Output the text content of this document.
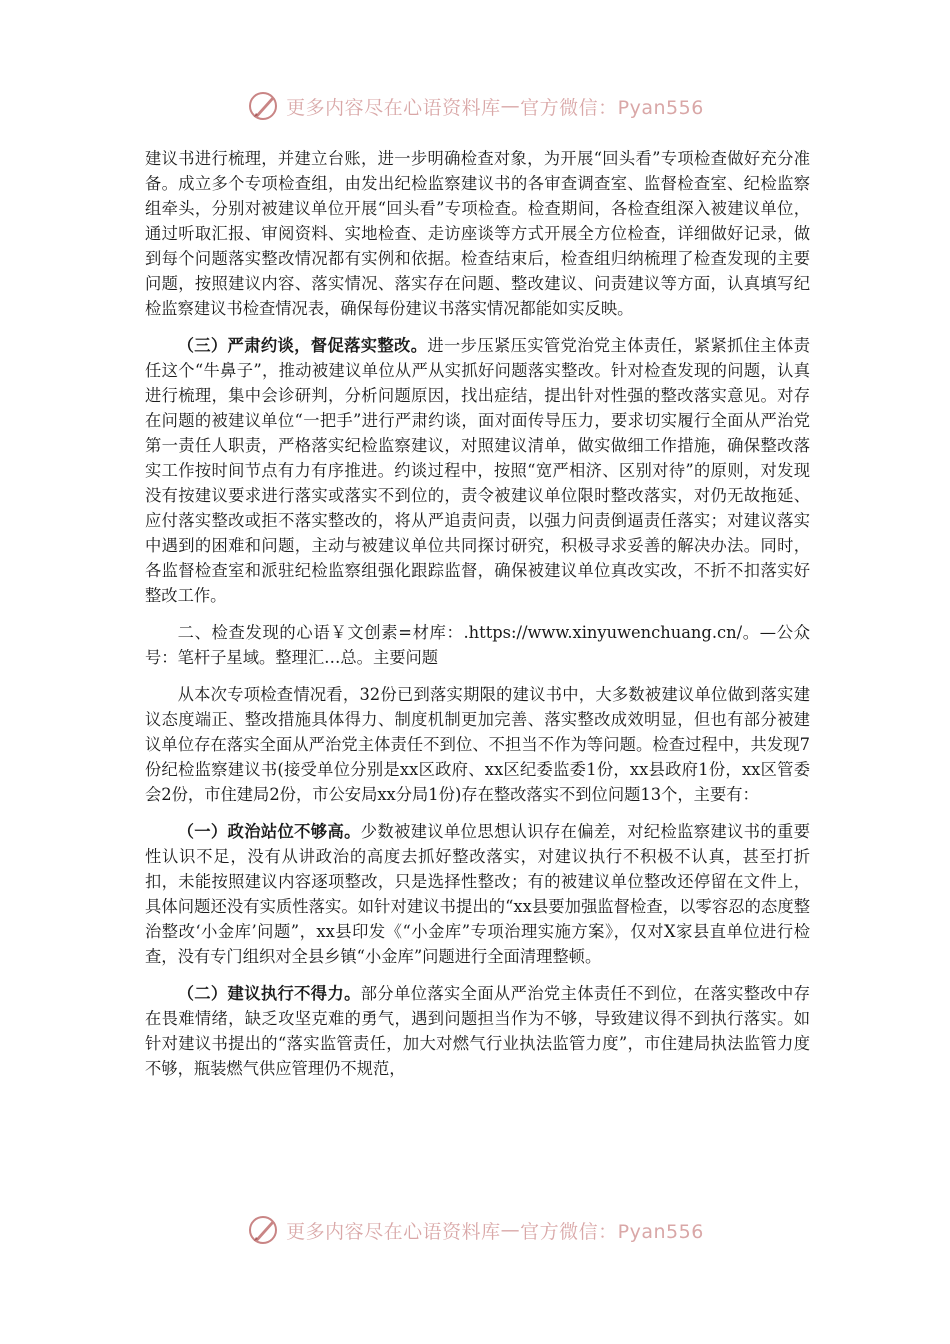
更多内容尽在心语资料库 — 官方微信：Pyan556

建议书进行梳理，并建立台账，进一步明确检查对象，为开展“回头看”专项检查做好充分准备。成立多个专项检查组，由发出纪检监察建议书的各审查调查室、监督检查室、纪检监察组牵头，分别对被建议单位开展“回头看”专项检查。检查期间，各检查组深入被建议单位，通过听取汇报、审阅资料、实地检查、走访座谈等方式开展全方位检查，详细做好记录，做到每个问题落实整改情况都有实例和依据。检查结束后，检查组归纳梳理了检查发现的主要问题，按照建议内容、落实情况、落实存在问题、整改建议、问责建议等方面，认真填写纪检监察建议书检查情况表，确保每份建议书落实情况都能如实反映。

（三）严肃约谈，督促落实整改。进一步压紧压实管党治党主体责任，紧紧抓住主体责任这个“牛鼻子”，推动被建议单位从严从实抓好问题落实整改。针对检查发现的问题，认真进行梳理，集中会诊研判，分析问题原因，找出症结，提出针对性强的整改落实意见。对存在问题的被建议单位“一把手”进行严肃约谈，面对面传导压力，要求切实履行全面从严治党第一责任人职责，严格落实纪检监察建议，对照建议清单，做实做细工作措施，确保整改落实工作按时间节点有力有序推进。约谈过程中，按照“宽严相济、区别对待”的原则，对发现没有按建议要求进行落实或落实不到位的，责令被建议单位限时整改落实，对仍无故拖延、应付落实整改或拒不落实整改的，将从严追责问责，以强力问责倒逼责任落实；对建议落实中遇到的困难和问题，主动与被建议单位共同探讨研究，积极寻求妥善的解决办法。同时，各监督检查室和派驻纪检监察组强化跟踪监督，确保被建议单位真改实改，不折不扣落实好整改工作。

二、检查发现的心语￥文创素=材库：.https://www.xinyuwenchuang.cn/。—公众号：笔杆子星域。整理汇…总。主要问题

从本次专项检查情况看，32份已到落实期限的建议书中，大多数被建议单位做到落实建议态度端正、整改措施具体得力、制度机制更加完善、落实整改成效明显，但也有部分被建议单位存在落实全面从严治党主体责任不到位、不担当不作为等问题。检查过程中，共发现7份纪检监察建议书(接受单位分别是xx区政府、xx区纪委监委1份，xx县政府1份，xx区管委会2份，市住建局2份，市公安局xx分局1份)存在整改落实不到位问题13个，主要有：

（一）政治站位不够高。少数被建议单位思想认识存在偏差，对纪检监察建议书的重要性认识不足，没有从讲政治的高度去抓好整改落实，对建议执行不积极不认真，甚至打折扣，未能按照建议内容逐项整改，只是选择性整改；有的被建议单位整改还停留在文件上，具体问题还没有实质性落实。如针对建议书提出的“xx县要加强监督检查，以零容忍的态度整治整改‘小金库’问题”，xx县印发《“小金库”专项治理实施方案》，仅对X家县直单位进行检查，没有专门组织对全县乡镇“小金库”问题进行全面清理整顿。

（二）建议执行不得力。部分单位落实全面从严治党主体责任不到位，在落实整改中存在畏难情绪，缺乏攻坚克难的勇气，遇到问题担当作为不够，导致建议得不到执行落实。如针对建议书提出的“落实监管责任，加大对燃气行业执法监管力度”，市住建局执法监管力度不够，瓶装燃气供应管理仍不规范，

更多内容尽在心语资料库 — 官方微信：Pyan556
